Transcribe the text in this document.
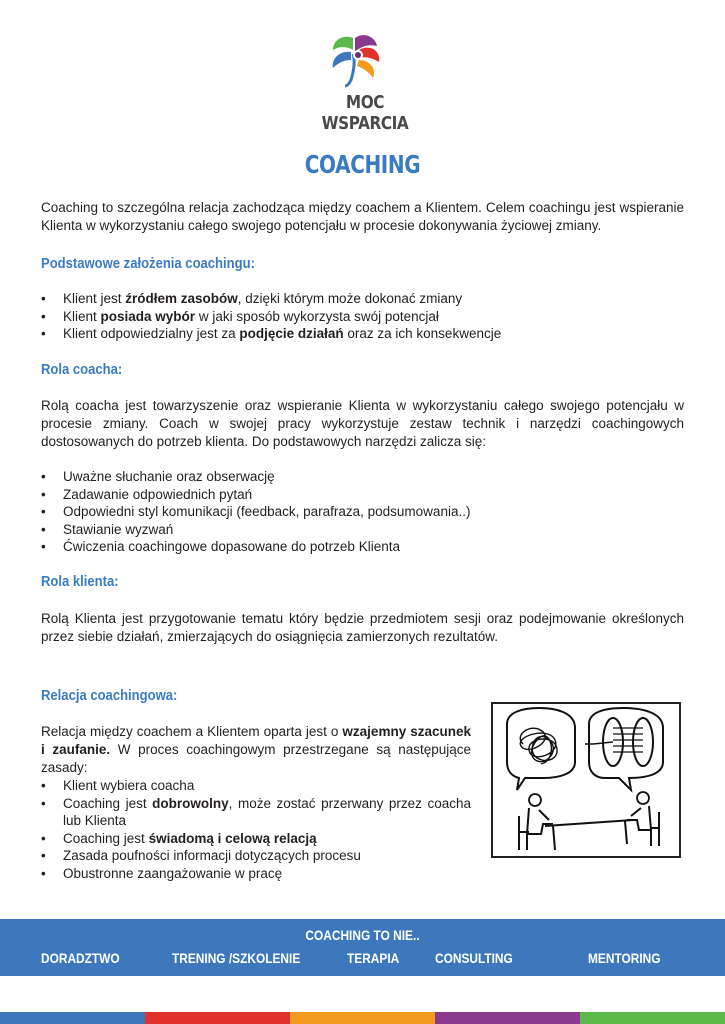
MOC WSPARCIA
COACHING
Coaching to szczególna relacja zachodząca między coachem a Klientem. Celem coachingu jest wspieranie Klienta w wykorzystaniu całego swojego potencjału w procesie dokonywania życiowej zmiany.
Podstawowe założenia coachingu:
• Klient jest źródłem zasobów, dzięki którym może dokonać zmiany
• Klient posiada wybór w jaki sposób wykorzysta swój potencjał
• Klient odpowiedzialny jest za podjęcie działań oraz za ich konsekwencje
Rola coacha:
Rolą coacha jest towarzyszenie oraz wspieranie Klienta w wykorzystaniu całego swojego potencjału w procesie zmiany. Coach w swojej pracy wykorzystuje zestaw technik i narzędzi coachingowych dostosowanych do potrzeb klienta. Do podstawowych narzędzi zalicza się:
• Uważne słuchanie oraz obserwację
• Zadawanie odpowiednich pytań
• Odpowiedni styl komunikacji (feedback, parafraza, podsumowania..)
• Stawianie wyzwań
• Ćwiczenia coachingowe dopasowane do potrzeb Klienta
Rola klienta:
Rolą Klienta jest przygotowanie tematu który będzie przedmiotem sesji oraz podejmowanie określonych przez siebie działań, zmierzających do osiągnięcia zamierzonych rezultatów.
Relacja coachingowa:
Relacja między coachem a Klientem oparta jest o wzajemny szacunek i zaufanie. W proces coachingowym przestrzegane są następujące zasady:
• Klient wybiera coacha
• Coaching jest dobrowolny, może zostać przerwany przez coacha lub Klienta
• Coaching jest świadomą i celową relacją
• Zasada poufności informacji dotyczących procesu
• Obustronne zaangażowanie w pracę
COACHING TO NIE..
DORADZTWO	TRENING /SZKOLENIE	TERAPIA	CONSULTING	MENTORING
